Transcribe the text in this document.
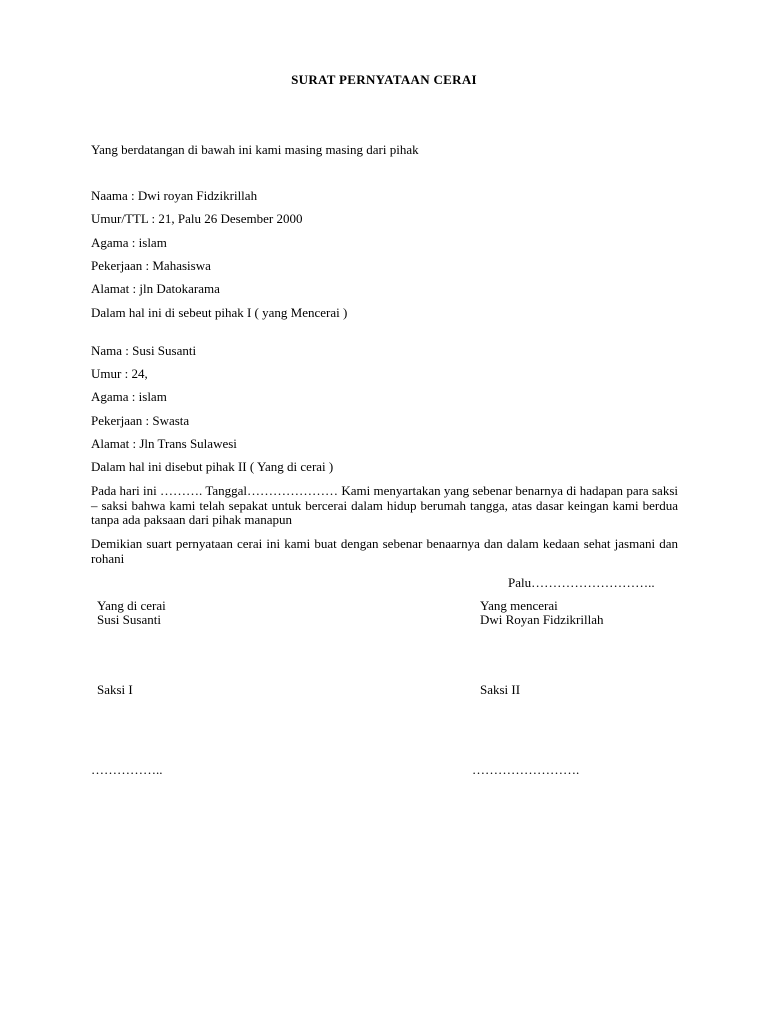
SURAT PERNYATAAN CERAI
Yang berdatangan di bawah ini kami masing masing dari pihak
Naama : Dwi royan Fidzikrillah
Umur/TTL : 21, Palu 26 Desember 2000
Agama : islam
Pekerjaan : Mahasiswa
Alamat : jln Datokarama
Dalam hal ini di sebeut pihak I ( yang Mencerai )
Nama : Susi Susanti
Umur : 24,
Agama : islam
Pekerjaan : Swasta
Alamat : Jln Trans Sulawesi
Dalam hal ini disebut pihak II ( Yang di cerai )
Pada hari ini ………. Tanggal………………… Kami menyartakan yang sebenar benarnya di hadapan para saksi – saksi bahwa kami telah sepakat untuk bercerai dalam hidup berumah tangga, atas dasar keingan kami berdua tanpa ada paksaan dari pihak manapun
Demikian suart pernyataan cerai ini kami buat dengan sebenar benaarnya dan dalam kedaan sehat jasmani dan rohani
Palu………………………..
Yang di cerai
Susi Susanti
Yang mencerai
Dwi Royan Fidzikrillah
Saksi I	Saksi II
……………..	…………………….
